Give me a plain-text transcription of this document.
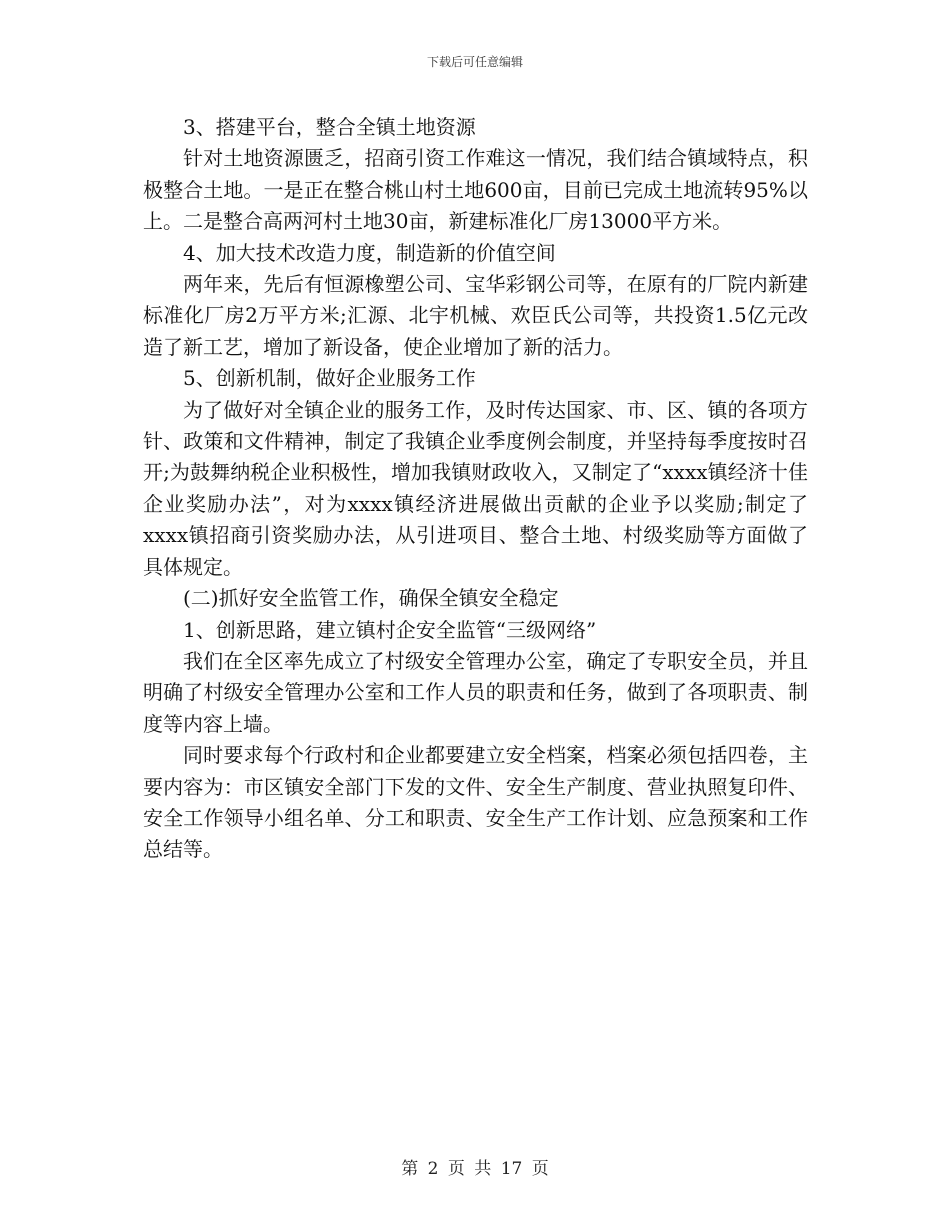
下载后可任意编辑

3、搭建平台，整合全镇土地资源

针对土地资源匮乏，招商引资工作难这一情况，我们结合镇域特点，积极整合土地。一是正在整合桃山村土地600亩，目前已完成土地流转95%以上。二是整合高两河村土地30亩，新建标准化厂房13000平方米。

4、加大技术改造力度，制造新的价值空间

两年来，先后有恒源橡塑公司、宝华彩钢公司等，在原有的厂院内新建标准化厂房2万平方米;汇源、北宇机械、欢臣氏公司等，共投资1.5亿元改造了新工艺，增加了新设备，使企业增加了新的活力。

5、创新机制，做好企业服务工作

为了做好对全镇企业的服务工作，及时传达国家、市、区、镇的各项方针、政策和文件精神，制定了我镇企业季度例会制度，并坚持每季度按时召开;为鼓舞纳税企业积极性，增加我镇财政收入，又制定了“xxxx镇经济十佳企业奖励办法”，对为xxxx镇经济进展做出贡献的企业予以奖励;制定了xxxx镇招商引资奖励办法，从引进项目、整合土地、村级奖励等方面做了具体规定。

(二)抓好安全监管工作，确保全镇安全稳定

1、创新思路，建立镇村企安全监管“三级网络”

我们在全区率先成立了村级安全管理办公室，确定了专职安全员，并且明确了村级安全管理办公室和工作人员的职责和任务，做到了各项职责、制度等内容上墙。

同时要求每个行政村和企业都要建立安全档案，档案必须包括四卷，主要内容为：市区镇安全部门下发的文件、安全生产制度、营业执照复印件、安全工作领导小组名单、分工和职责、安全生产工作计划、应急预案和工作总结等。

第 2 页 共 17 页
